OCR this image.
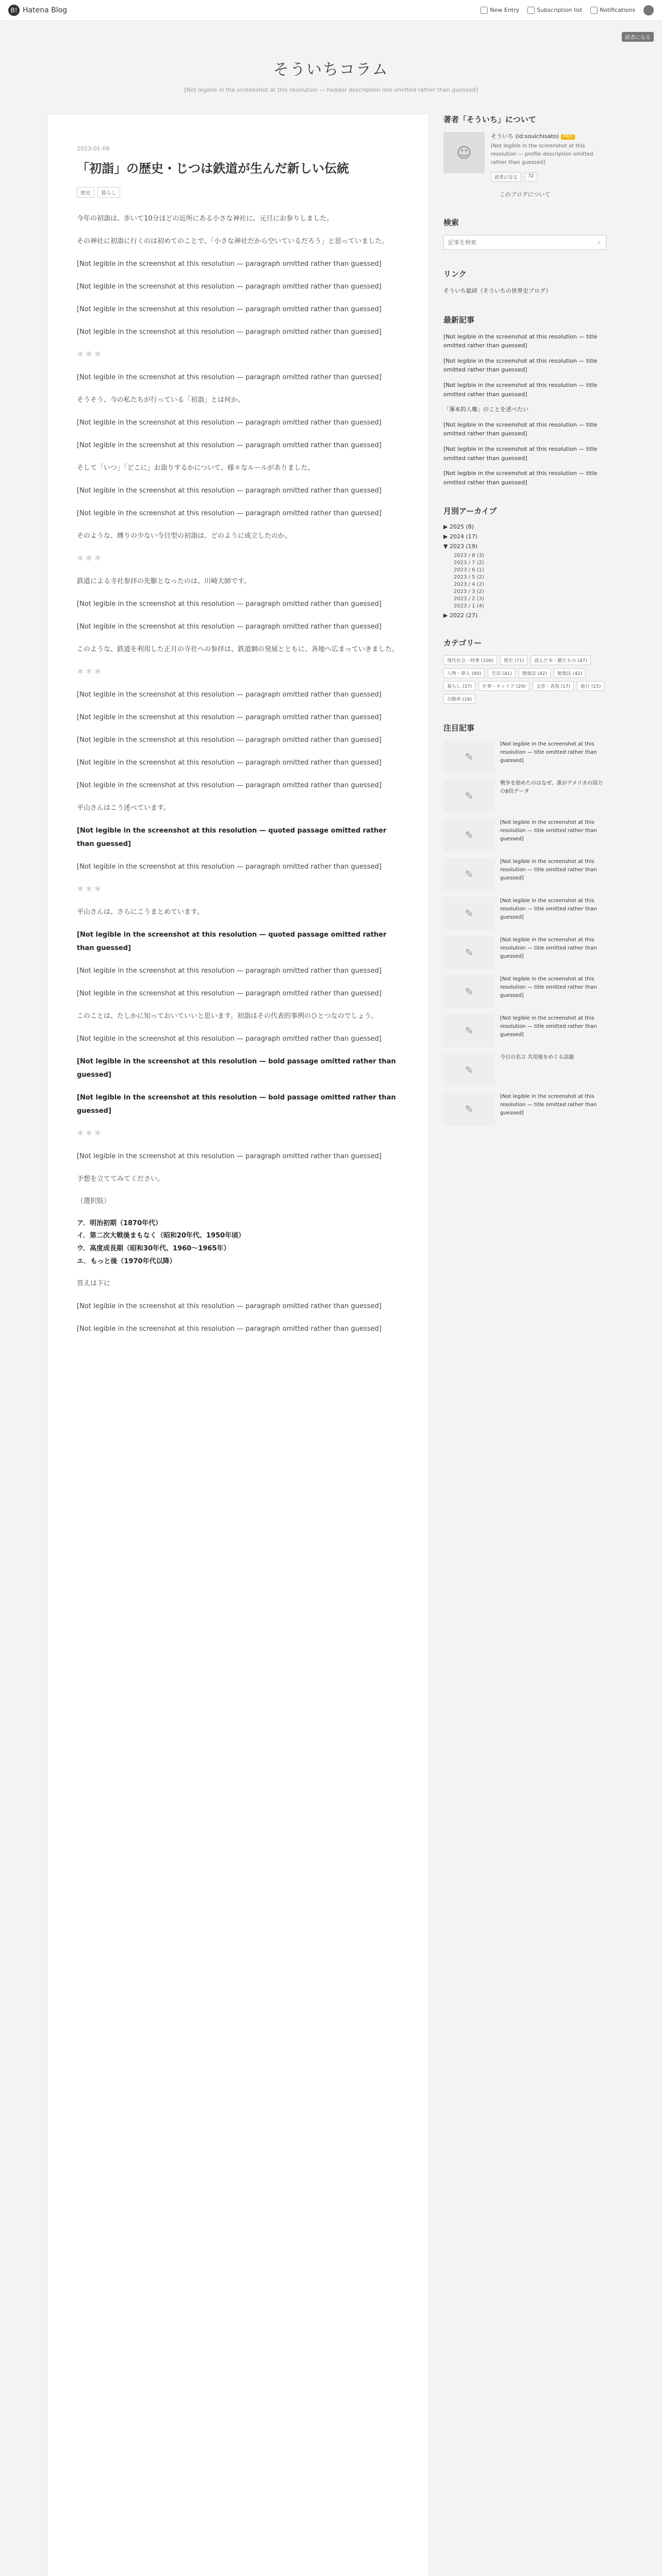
B! Hatena Blog	New Entry	Subscription list	Notifications
読者になる
そういちコラム
[Not legible in the screenshot at this resolution — header description line omitted rather than guessed]
2023-01-06
「初詣」の歴史・じつは鉄道が生んだ新しい伝統
歴史	暮らし

今年の初詣は、歩いて10分ほどの近所にある小さな神社に、元旦にお参りしました。

その神社に初詣に行くのは初めてのことで、「小さな神社だから空いているだろう」と思っていました。

[Not legible in the screenshot at this resolution — paragraph omitted rather than guessed]

[Not legible in the screenshot at this resolution — paragraph omitted rather than guessed]

[Not legible in the screenshot at this resolution — paragraph omitted rather than guessed]

[Not legible in the screenshot at this resolution — paragraph omitted rather than guessed]

＊＊＊

[Not legible in the screenshot at this resolution — paragraph omitted rather than guessed]

そうそう、今の私たちが行っている「初詣」とは何か。

[Not legible in the screenshot at this resolution — paragraph omitted rather than guessed]

[Not legible in the screenshot at this resolution — paragraph omitted rather than guessed]

そして「いつ」「どこに」お詣りするかについて、様々なルールがありました。

[Not legible in the screenshot at this resolution — paragraph omitted rather than guessed]

[Not legible in the screenshot at this resolution — paragraph omitted rather than guessed]

そのような、縛りの少ない今日型の初詣は、どのように成立したのか。

＊＊＊

鉄道による寺社参拝の先駆となったのは、川崎大師です。

[Not legible in the screenshot at this resolution — paragraph omitted rather than guessed]

[Not legible in the screenshot at this resolution — paragraph omitted rather than guessed]

このような、鉄道を利用した正月の寺社への参拝は、鉄道網の発展とともに、各地へ広まっていきました。

＊＊＊

[Not legible in the screenshot at this resolution — paragraph omitted rather than guessed]

[Not legible in the screenshot at this resolution — paragraph omitted rather than guessed]

[Not legible in the screenshot at this resolution — paragraph omitted rather than guessed]

[Not legible in the screenshot at this resolution — paragraph omitted rather than guessed]

[Not legible in the screenshot at this resolution — paragraph omitted rather than guessed]

平山さんはこう述べています。

[Not legible in the screenshot at this resolution — quoted passage omitted rather than guessed]

[Not legible in the screenshot at this resolution — paragraph omitted rather than guessed]

＊＊＊

平山さんは、さらにこうまとめています。

[Not legible in the screenshot at this resolution — quoted passage omitted rather than guessed]

[Not legible in the screenshot at this resolution — paragraph omitted rather than guessed]

[Not legible in the screenshot at this resolution — paragraph omitted rather than guessed]

このことは、たしかに知っておいていいと思います。初詣はその代表的事例のひとつなのでしょう。

[Not legible in the screenshot at this resolution — paragraph omitted rather than guessed]

[Not legible in the screenshot at this resolution — bold passage omitted rather than guessed]

[Not legible in the screenshot at this resolution — bold passage omitted rather than guessed]

＊＊＊

[Not legible in the screenshot at this resolution — paragraph omitted rather than guessed]

予想を立ててみてください。

（選択肢）

ア．明治初期（1870年代）
イ．第二次大戦後まもなく（昭和20年代、1950年頃）
ウ．高度成長期（昭和30年代、1960～1965年）
エ．もっと後（1970年代以降）

答えは下に

[Not legible in the screenshot at this resolution — paragraph omitted rather than guessed]

[Not legible in the screenshot at this resolution — paragraph omitted rather than guessed]

著者「そういち」について
☺
そういち (id:souichisato) PRO
[Not legible in the screenshot at this resolution — profile description omitted rather than guessed]
読者になる	72
このブログについて
検索
記事を検索
⌕
リンク
そういち総研（そういちの世界史ブログ）
最新記事
[Not legible in the screenshot at this resolution — title omitted rather than guessed]
[Not legible in the screenshot at this resolution — title omitted rather than guessed]
[Not legible in the screenshot at this resolution — title omitted rather than guessed]
「簿本的人権」のことを述べたい
[Not legible in the screenshot at this resolution — title omitted rather than guessed]
[Not legible in the screenshot at this resolution — title omitted rather than guessed]
[Not legible in the screenshot at this resolution — title omitted rather than guessed]
月別アーカイブ
▶ 2025 (8)
▶ 2024 (17)
▼ 2023 (19)
2023 / 8 (3)
2023 / 7 (2)
2023 / 6 (1)
2023 / 5 (2)
2023 / 4 (2)
2023 / 3 (2)
2023 / 2 (3)
2023 / 1 (4)
▶ 2022 (27)
カテゴリー
現代社会・時事 (100)	歴史 (71)	読んだ本・観たもの (47)
人物・偉人 (40)	生活 (41)	勉強法 (42)	勉強法 (42)
暮らし (37)	仕事・キャリア (29)	文章・表現 (17)	旅行 (15)
自動車 (16)
注目記事
✎
[Not legible in the screenshot at this resolution — title omitted rather than guessed]
✎
戦争を始めたのはなぜ、誰がアメリカの国力の8倍データ
✎
[Not legible in the screenshot at this resolution — title omitted rather than guessed]
✎
[Not legible in the screenshot at this resolution — title omitted rather than guessed]
✎
[Not legible in the screenshot at this resolution — title omitted rather than guessed]
✎
[Not legible in the screenshot at this resolution — title omitted rather than guessed]
✎
[Not legible in the screenshot at this resolution — title omitted rather than guessed]
✎
[Not legible in the screenshot at this resolution — title omitted rather than guessed]
✎
今日の名言 共用地をめぐる話題
✎
[Not legible in the screenshot at this resolution — title omitted rather than guessed]
